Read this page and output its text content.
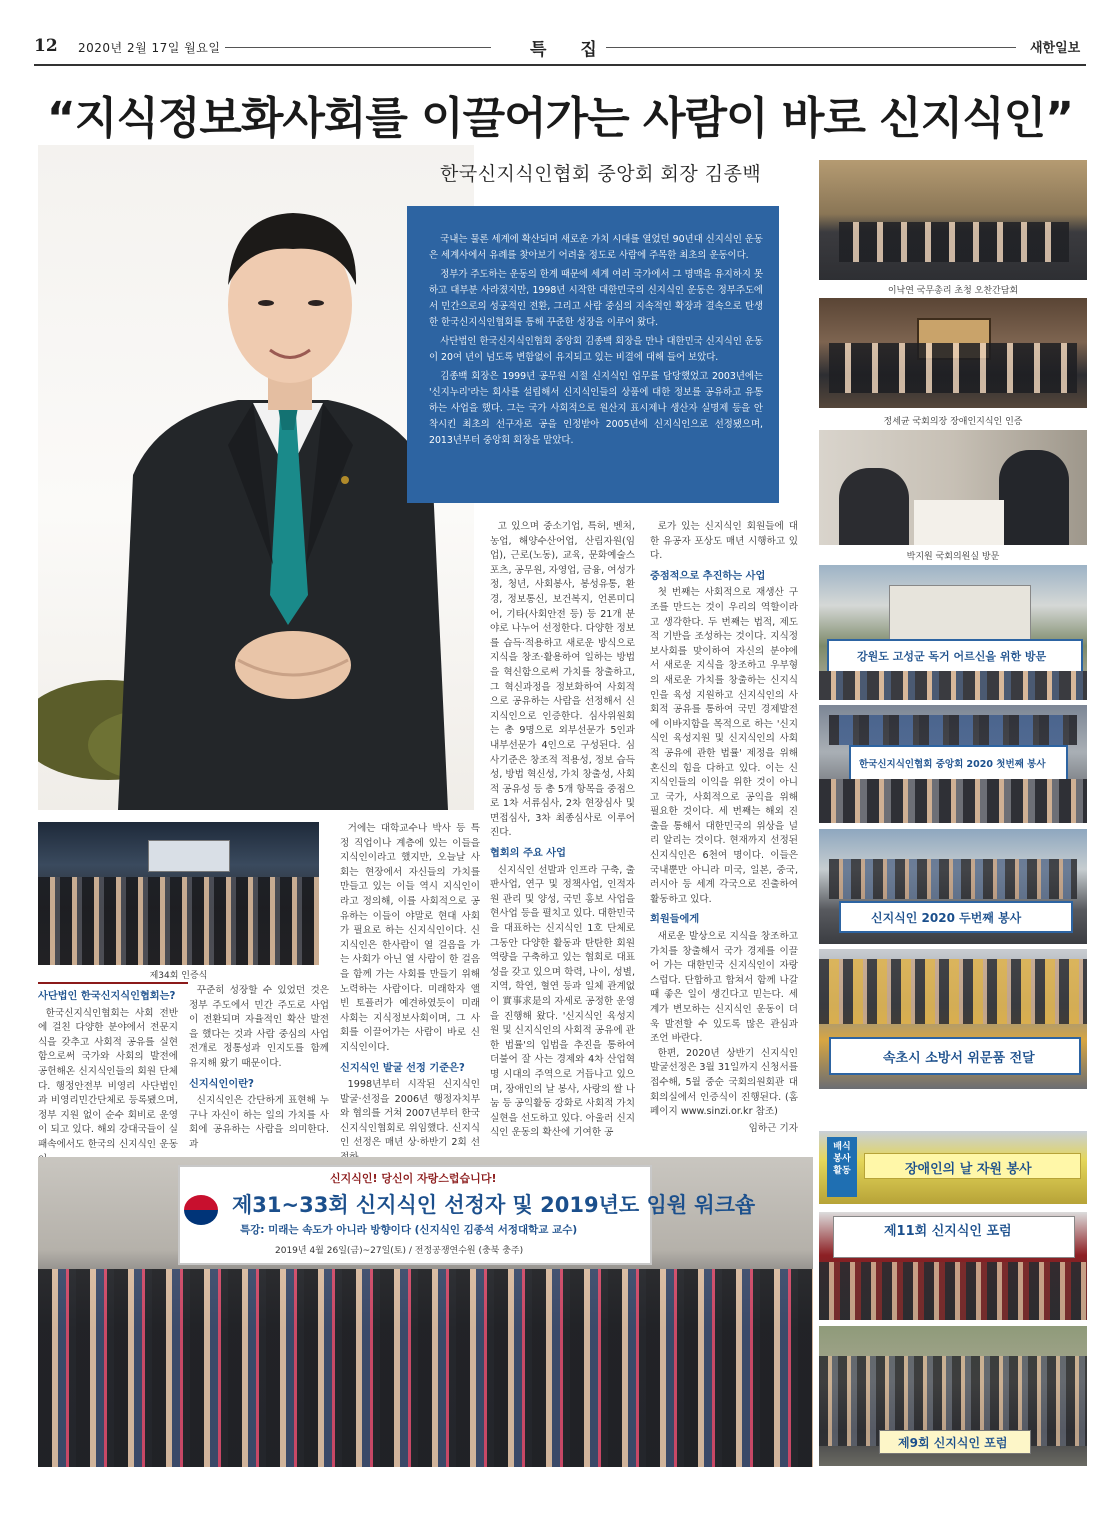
12 2020년 2월 17일 월요일	특 집	새한일보
“지식정보화사회를 이끌어가는 사람이 바로 신지식인”
한국신지식인협회 중앙회 회장 김종백

국내는 물론 세계에 확산되며 새로운 가치 시대를 열었던 90년대 신지식인 운동은 세계사에서 유례를 찾아보기 어려울 정도로 사람에 주목한 최초의 운동이다.

정부가 주도하는 운동의 한계 때문에 세계 여러 국가에서 그 명맥을 유지하지 못하고 대부분 사라졌지만, 1998년 시작한 대한민국의 신지식인 운동은 정부주도에서 민간으로의 성공적인 전환, 그리고 사람 중심의 지속적인 확장과 결속으로 탄생한 한국신지식인협회를 통해 꾸준한 성장을 이루어 왔다.

사단법인 한국신지식인협회 중앙회 김종백 회장을 만나 대한민국 신지식인 운동이 20여 년이 넘도록 변함없이 유지되고 있는 비결에 대해 들어 보았다.

김종백 회장은 1999년 공무원 시절 신지식인 업무를 담당했었고 2003년에는 '신지누리'라는 회사를 설립해서 신지식인들의 상품에 대한 정보를 공유하고 유통하는 사업을 했다. 그는 국가 사회적으로 원산지 표시제나 생산자 실명제 등을 안착시킨 최초의 선구자로 공을 인정받아 2005년에 신지식인으로 선정됐으며, 2013년부터 중앙회 회장을 맡았다.

이낙연 국무총리 초청 오찬간담회
정세균 국회의장 장애인지식인 인증
박지원 국회의원실 방문
강원도 고성군 독거 어르신을 위한 방문
한국신지식인협회 중앙회 2020 첫번째 봉사
신지식인 2020 두번째 봉사
속초시 소방서 위문품 전달
배식 봉사 활동	장애인의 날 자원 봉사
제11회 신지식인 포럼
제9회 신지식인 포럼
제34회 인증식
사단법인 한국신지식인협회는?

한국신지식인협회는 사회 전반에 걸친 다양한 분야에서 전문지식을 갖추고 사회적 공유를 실현함으로써 국가와 사회의 발전에 공헌해온 신지식인들의 회원 단체다. 행정안전부 비영리 사단법인과 비영리민간단체로 등록됐으며, 정부 지원 없이 순수 회비로 운영이 되고 있다. 해외 강대국들이 실패속에서도 한국의 신지식인 운동

꾸준히 성장할 수 있었던 것은 정부 주도에서 민간 주도로 사업이 전환되며 자율적인 확산 발전을 했다는 것과 사람 중심의 사업 전개로 정통성과 인지도를 함께 유지해 왔기 때문이다.

신지식인이란?

신지식인은 간단하게 표현해 누구나 자신이 하는 일의 가치를 사회에 공유하는 사람을 의미한다. 과

거에는 대학교수나 박사 등 특정 직업이나 계층에 있는 이들을 지식인이라고 했지만, 오늘날 사회는 현장에서 자신들의 가치를 만들고 있는 이들 역시 지식인이라고 정의해, 이를 사회적으로 공유하는 이들이 야말로 현대 사회가 필요로 하는 신지식인이다. 신지식인은 한사람이 열 걸음을 가는 사회가 아닌 열 사람이 한 걸음을 함께 가는 사회를 만들기 위해 노력하는 사람이다. 미래학자 앨빈 토플러가 예견하였듯이 미래 사회는 지식정보사회이며, 그 사회를 이끌어가는 사람이 바로 신지식인이다.

신지식인 발굴 선정 기준은?

1998년부터 시작된 신지식인 발굴·선정을 2006년 행정자치부와 협의를 거쳐 2007년부터 한국신지식인협회로 위임했다. 신지식인 선정은 매년 상·하반기 2회 선

고 있으며 중소기업, 특허, 벤처, 농업, 해양수산어업, 산림자원(임업), 근로(노동), 교육, 문화예술스포츠, 공무원, 자영업, 금융, 여성가정, 청년, 사회봉사, 봉성유통, 환경, 정보통신, 보건복지, 언론미디어, 기타(사회안전 등) 등 21개 분야로 나누어 선정한다. 다양한 정보를 습득·적용하고 새로운 방식으로 지식을 창조·활용하여 일하는 방법을 혁신함으로써 가치를 창출하고, 그 혁신과정을 정보화하여 사회적으로 공유하는 사람을 선정해서 신지식인으로 인증한다. 심사위원회는 총 9명으로 외부선문가 5인과 내부선문가 4인으로 구성된다. 심사기준은 창조적 적용성, 정보 습득성, 방법 혁신성, 가치 창출성, 사회적 공유성 등 총 5개 항목을 중점으로 1차 서류심사, 2차 현장심사 및 면접심사, 3차 최종심사로 이루어진다.

협회의 주요 사업

신지식인 선발과 인프라 구축, 출판사업, 연구 및 정책사업, 인적자원 관리 및 양성, 국민 홍보 사업을 현사업 등을 펼치고 있다. 대한민국을 대표하는 신지식인 1호 단체로 그동안 다양한 활동과 탄탄한 회원 역량을 구축하고 있는 협회로 대표성을 갖고 있으며 학력, 나이, 성별, 지역, 학연, 혈연 등과 일체 관계없이 實事求是의 자세로 공정한 운영을 진행해 왔다. '신지식인 육성지원 및 신지식인의 사회적 공유에 관한 법률'의 입법을 추진을 통하여 더불어 잘 사는 경제와 4차 산업혁명 시대의 주역으로 거듭나고 있으며, 장애인의 날 봉사, 사랑의 쌀 나눔 등 공익활동 강화로 사회적 가치 실현을 선도하고 있다. 아울러 신지식인 운동의 확산에 기여한 공

로가 있는 신지식인 회원들에 대한 유공자 포상도 매년 시행하고 있다.

중점적으로 추진하는 사업

첫 번째는 사회적으로 재생산 구조를 만드는 것이 우리의 역할이라고 생각한다. 두 번째는 법적, 제도적 기반을 조성하는 것이다. 지식정보사회를 맞이하여 자신의 분야에서 새로운 지식을 창조하고 우부형의 새로운 가치를 창출하는 신지식인을 육성 지원하고 신지식인의 사회적 공유를 통하여 국민 경제발전에 이바지함을 목적으로 하는 '신지식인 육성지원 및 신지식인의 사회적 공유에 관한 법률' 제정을 위해 혼신의 힘을 다하고 있다. 이는 신지식인들의 이익을 위한 것이 아니고 국가, 사회적으로 공익을 위해 필요한 것이다. 세 번째는 해외 진출을 통해서 대한민국의 위상을 널리 알리는 것이다. 현재까지 선정된 신지식인은 6천여 명이다. 이들은 국내뿐만 아니라 미국, 일본, 중국, 러시아 등 세계 각국으로 진출하여 활동하고 있다.

회원들에게

새로운 발상으로 지식을 창조하고 가치를 창출해서 국가 경제를 이끌어 가는 대한민국 신지식인이 자랑스럽다. 단합하고 합쳐서 함께 나갈 때 좋은 일이 생긴다고 믿는다. 세계가 변모하는 신지식인 운동이 더욱 발전할 수 있도록 많은 관심과 조언 바란다.

한편, 2020년 상반기 신지식인 발굴선정은 3월 31일까지 신청서를 접수해, 5월 중순 국회의원회관 대회의실에서 인증식이 진행된다. (홈페이지 www.sinzi.or.kr 참조)

임하근 기자
신지식인! 당신이 자랑스럽습니다!
제31~33회 신지식인 선정자 및 2019년도 임원 워크숍
특강: 미래는 속도가 아니라 방향이다 (신지식인 김종석 서정대학교 교수)
2019년 4월 26일(금)~27일(토) / 전정공쟁연수원 (충북 충주)
